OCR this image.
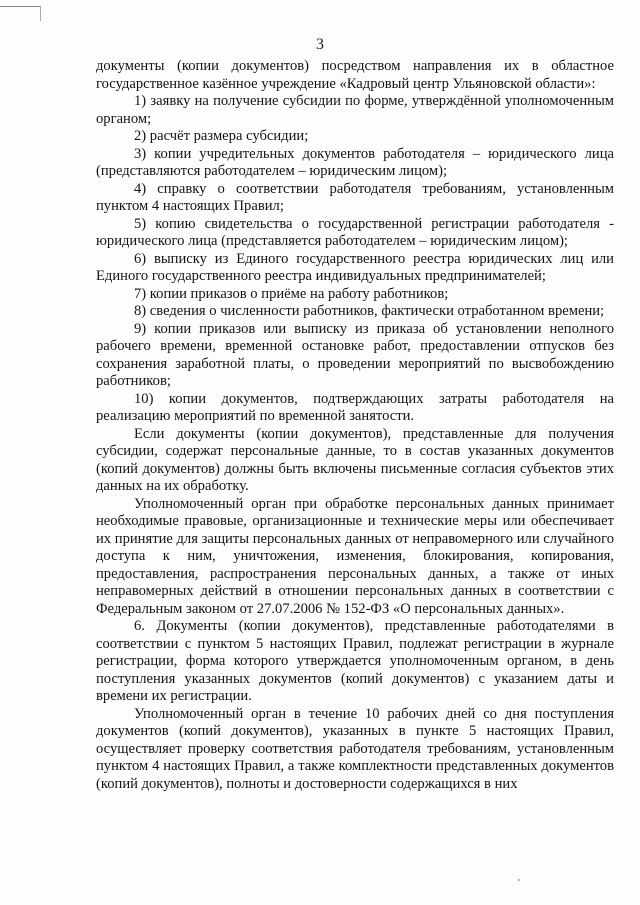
3

документы (копии документов) посредством направления их в областное государственное казённое учреждение «Кадровый центр Ульяновской области»:

1) заявку на получение субсидии по форме, утверждённой уполномоченным органом;

2) расчёт размера субсидии;

3) копии учредительных документов работодателя – юридического лица (представляются работодателем – юридическим лицом);

4) справку о соответствии работодателя требованиям, установленным пунктом 4 настоящих Правил;

5) копию свидетельства о государственной регистрации работодателя - юридического лица (представляется работодателем – юридическим лицом);

6) выписку из Единого государственного реестра юридических лиц или Единого государственного реестра индивидуальных предпринимателей;

7) копии приказов о приёме на работу работников;

8) сведения о численности работников, фактически отработанном времени;

9) копии приказов или выписку из приказа об установлении неполного рабочего времени, временной остановке работ, предоставлении отпусков без сохранения заработной платы, о проведении мероприятий по высвобождению работников;

10) копии документов, подтверждающих затраты работодателя на реализацию мероприятий по временной занятости.

Если документы (копии документов), представленные для получения субсидии, содержат персональные данные, то в состав указанных документов (копий документов) должны быть включены письменные согласия субъектов этих данных на их обработку.

Уполномоченный орган при обработке персональных данных принимает необходимые правовые, организационные и технические меры или обеспечивает их принятие для защиты персональных данных от неправомерного или случайного доступа к ним, уничтожения, изменения, блокирования, копирования, предоставления, распространения персональных данных, а также от иных неправомерных действий в отношении персональных данных в соответствии с Федеральным законом от 27.07.2006 № 152-ФЗ «О персональных данных».

6. Документы (копии документов), представленные работодателями в соответствии с пунктом 5 настоящих Правил, подлежат регистрации в журнале регистрации, форма которого утверждается уполномоченным органом, в день поступления указанных документов (копий документов) с указанием даты и времени их регистрации.

Уполномоченный орган в течение 10 рабочих дней со дня поступления документов (копий документов), указанных в пункте 5 настоящих Правил, осуществляет проверку соответствия работодателя требованиям, установленным пунктом 4 настоящих Правил, а также комплектности представленных документов (копий документов), полноты и достоверности содержащихся в них
